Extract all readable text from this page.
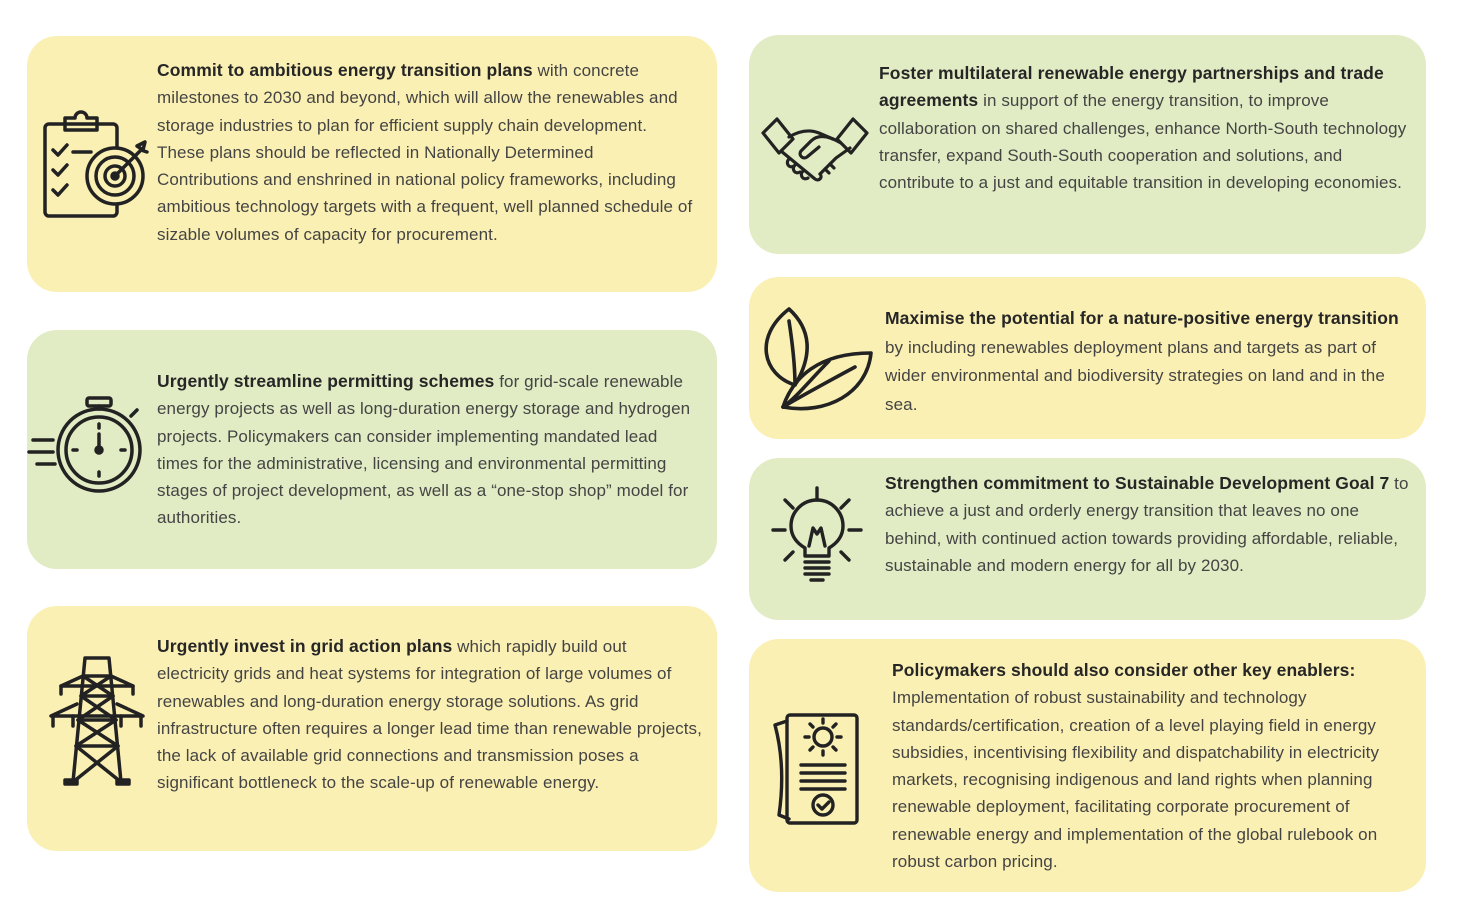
Commit to ambitious energy transition plans with concrete milestones to 2030 and beyond, which will allow the renewables and storage industries to plan for efficient supply chain development. These plans should be reflected in Nationally Determined Contributions and enshrined in national policy frameworks, including ambitious technology targets with a frequent, well planned schedule of sizable volumes of capacity for procurement.
Urgently streamline permitting schemes for grid-scale renewable energy projects as well as long-duration energy storage and hydrogen projects. Policymakers can consider implementing mandated lead times for the administrative, licensing and environmental permitting stages of project development, as well as a “one-stop shop” model for authorities.
Urgently invest in grid action plans which rapidly build out electricity grids and heat systems for integration of large volumes of renewables and long-duration energy storage solutions. As grid infrastructure often requires a longer lead time than renewable projects, the lack of available grid connections and transmission poses a significant bottleneck to the scale-up of renewable energy.
Foster multilateral renewable energy partnerships and trade agreements in support of the energy transition, to improve collaboration on shared challenges, enhance North-South technology transfer, expand South-South cooperation and solutions, and contribute to a just and equitable transition in developing economies.
Maximise the potential for a nature-positive energy transition by including renewables deployment plans and targets as part of wider environmental and biodiversity strategies on land and in the sea.
Strengthen commitment to Sustainable Development Goal 7 to achieve a just and orderly energy transition that leaves no one behind, with continued action towards providing affordable, reliable, sustainable and modern energy for all by 2030.
Policymakers should also consider other key enablers:
Implementation of robust sustainability and technology standards/certification, creation of a level playing field in energy subsidies, incentivising flexibility and dispatchability in electricity markets, recognising indigenous and land rights when planning renewable deployment, facilitating corporate procurement of renewable energy and implementation of the global rulebook on robust carbon pricing.
